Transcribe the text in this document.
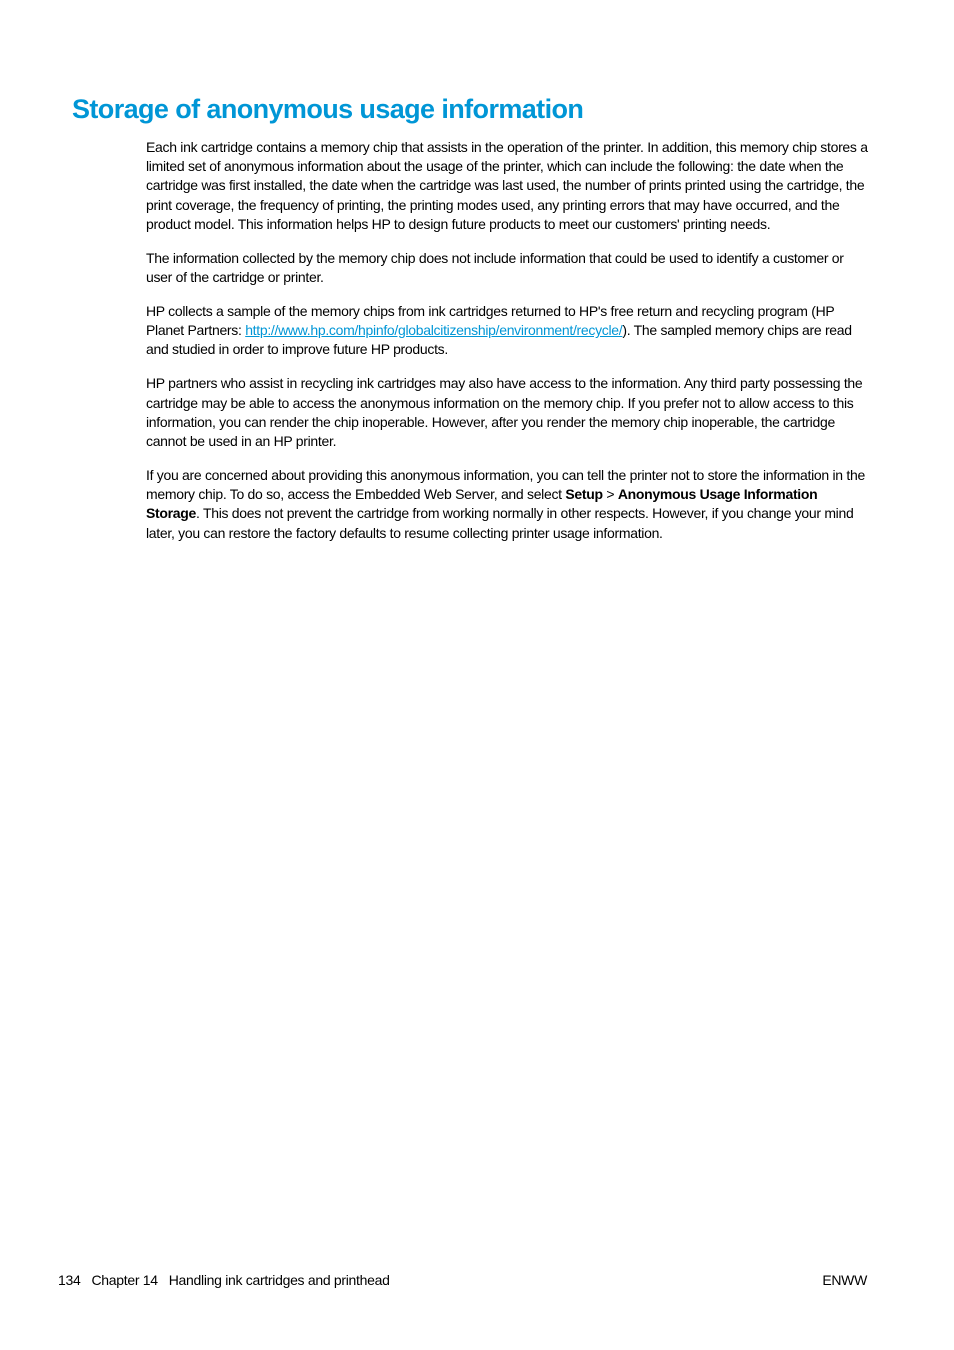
Storage of anonymous usage information

Each ink cartridge contains a memory chip that assists in the operation of the printer. In addition, this memory chip stores a limited set of anonymous information about the usage of the printer, which can include the following: the date when the cartridge was first installed, the date when the cartridge was last used, the number of prints printed using the cartridge, the print coverage, the frequency of printing, the printing modes used, any printing errors that may have occurred, and the product model. This information helps HP to design future products to meet our customers' printing needs.

The information collected by the memory chip does not include information that could be used to identify a customer or user of the cartridge or printer.

HP collects a sample of the memory chips from ink cartridges returned to HP's free return and recycling program (HP Planet Partners: http://www.hp.com/hpinfo/globalcitizenship/environment/recycle/). The sampled memory chips are read and studied in order to improve future HP products.

HP partners who assist in recycling ink cartridges may also have access to the information. Any third party possessing the cartridge may be able to access the anonymous information on the memory chip. If you prefer not to allow access to this information, you can render the chip inoperable. However, after you render the memory chip inoperable, the cartridge cannot be used in an HP printer.

If you are concerned about providing this anonymous information, you can tell the printer not to store the information in the memory chip. To do so, access the Embedded Web Server, and select Setup > Anonymous Usage Information Storage. This does not prevent the cartridge from working normally in other respects. However, if you change your mind later, you can restore the factory defaults to resume collecting printer usage information.

134 Chapter 14 Handling ink cartridges and printhead	ENWW
